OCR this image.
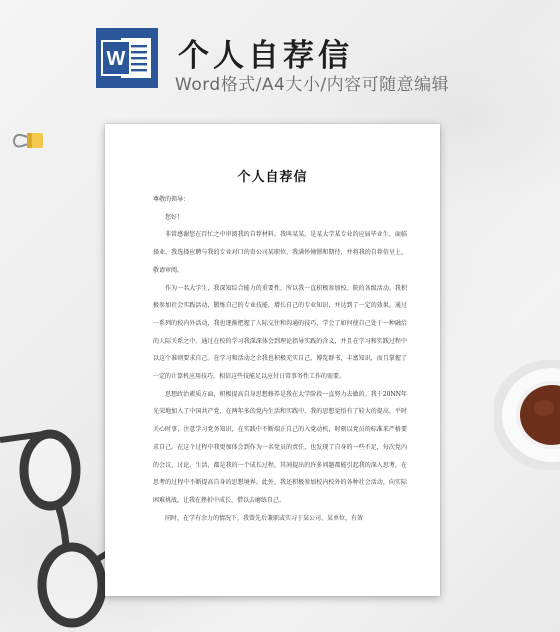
W 个人自荐信
Word格式/A4大小/内容可随意编辑
个人自荐信

尊敬的领导：

您好!

非常感谢您在百忙之中审阅我的自荐材料。我叫某某，是某大学某专业的应届毕业生，面临择业，我选择应聘与我的专业对口的贵公司某职位，我满怀憧憬和期待，并将我的自荐信呈上，敬请审阅。

作为一名大学生，我深知综合能力的重要性，所以我一直积极参加校、院的各级活动。我积极参加社会实践活动，锻炼自己的专业技能，增长自己的专业知识，并达到了一定的效果。通过一系列的校内外活动，我也逐渐把握了人际交往和沟通的技巧，学会了如何使自己处于一种融洽的人际关系之中。通过在校的学习我深深体会到理论指导实践的含义，并且在学习和实践过程中以这个准则要求自己。在学习和活动之余我也积极充实自己，博览群书，丰富知识，而且掌握了一定的计算机应用技巧，相信这些技能足以应付日常事务性工作的需要。

思想政治素质方面，积极提高自身思想修养是我在大学阶段一直努力去做的。我于20NN年光荣地加入了中国共产党，在两年多的党内生活和实践中，我的思想觉悟有了较大的提高，平时关心时事，注意学习党务知识，在实践中不断端正自己的入党动机，时刻以党员的标准来严格要求自己。在这个过程中我更加体会到作为一名党员的责任，也发现了自身的一些不足，每次党内的会议、讨论、生活，都是我的一个成长过程，其间提出的许多问题都能引起我的深入思考，在思考的过程中不断提高自身的思想境界。此外，我还积极参加校内校外的各种社会活动，向实际困难挑战，让我在挫折中成长，借以去磨练自己。

同时，在学有余力的情况下，我曾先后兼职或实习于某公司、某单位，有效
